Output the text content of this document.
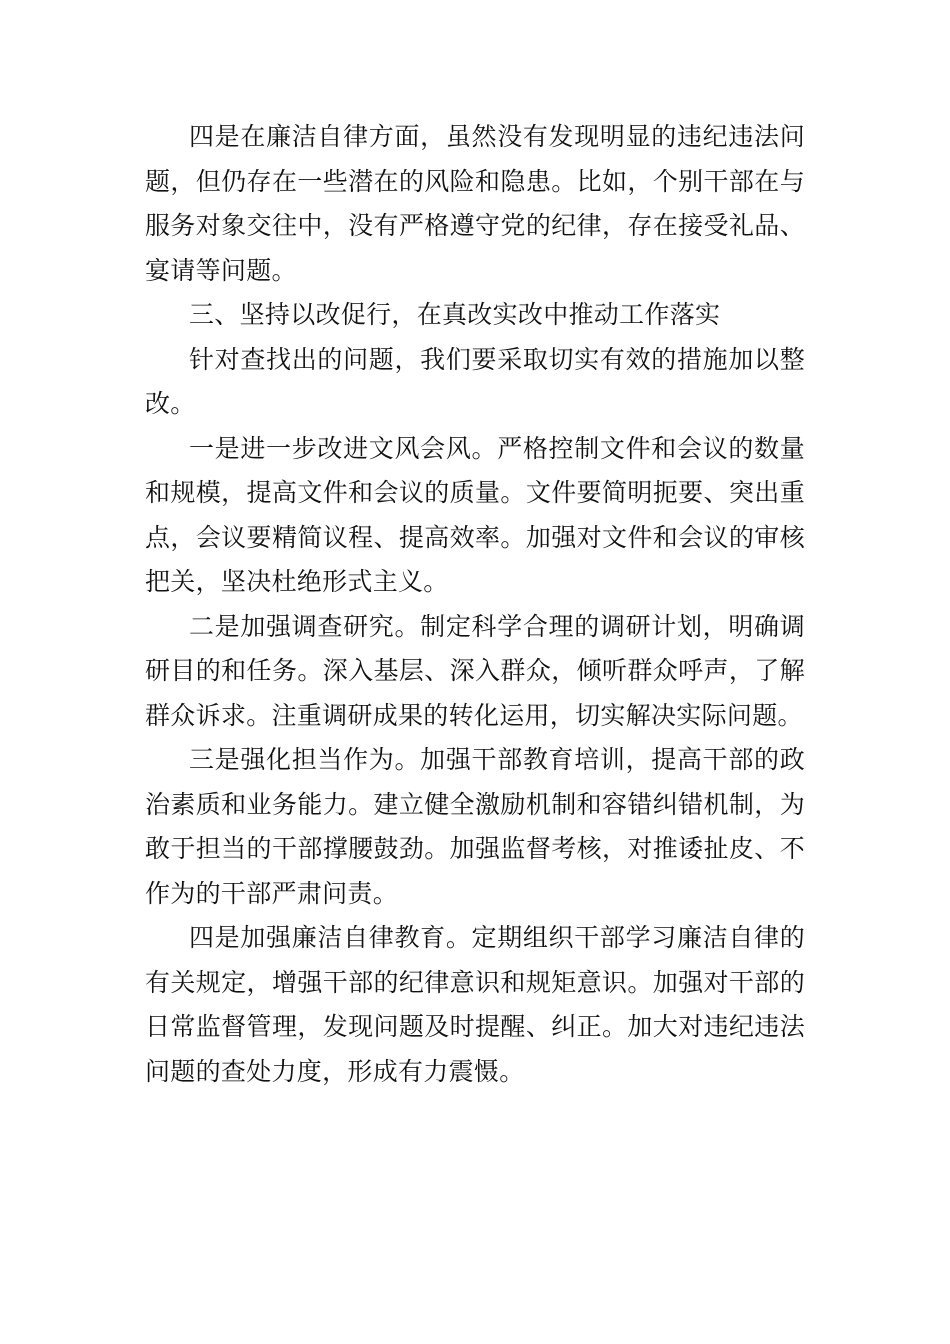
四是在廉洁自律方面，虽然没有发现明显的违纪违法问题，但仍存在一些潜在的风险和隐患。比如，个别干部在与服务对象交往中，没有严格遵守党的纪律，存在接受礼品、宴请等问题。

三、坚持以改促行，在真改实改中推动工作落实

针对查找出的问题，我们要采取切实有效的措施加以整改。

一是进一步改进文风会风。严格控制文件和会议的数量和规模，提高文件和会议的质量。文件要简明扼要、突出重点，会议要精简议程、提高效率。加强对文件和会议的审核把关，坚决杜绝形式主义。

二是加强调查研究。制定科学合理的调研计划，明确调研目的和任务。深入基层、深入群众，倾听群众呼声，了解群众诉求。注重调研成果的转化运用，切实解决实际问题。

三是强化担当作为。加强干部教育培训，提高干部的政治素质和业务能力。建立健全激励机制和容错纠错机制，为敢于担当的干部撑腰鼓劲。加强监督考核，对推诿扯皮、不作为的干部严肃问责。

四是加强廉洁自律教育。定期组织干部学习廉洁自律的有关规定，增强干部的纪律意识和规矩意识。加强对干部的日常监督管理，发现问题及时提醒、纠正。加大对违纪违法问题的查处力度，形成有力震慑。
